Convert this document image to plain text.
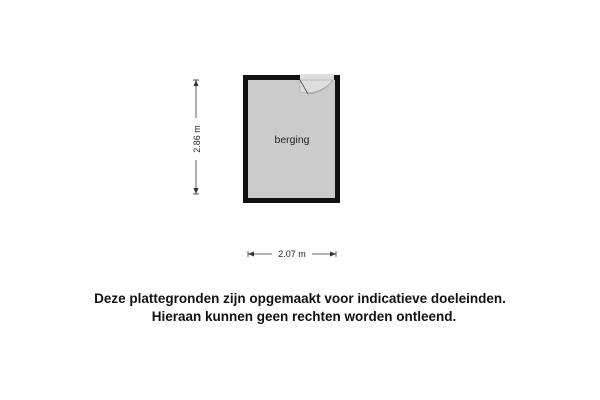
2.86 m	berging
2.07 m
Deze plattegronden zijn opgemaakt voor indicatieve doeleinden.
Hieraan kunnen geen rechten worden ontleend.
